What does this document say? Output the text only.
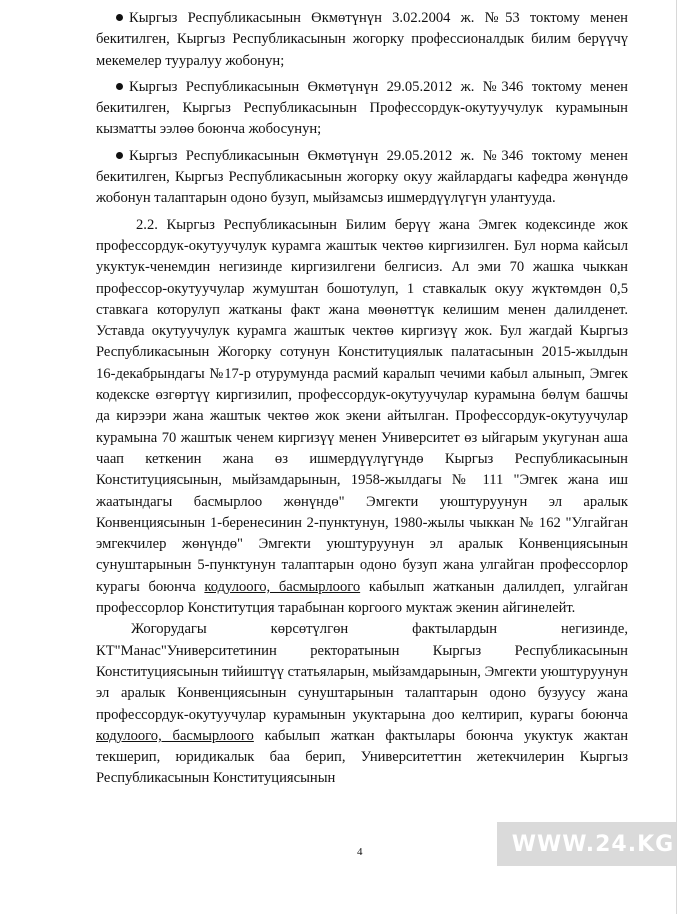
Кыргыз Республикасынын Өкмөтүнүн 3.02.2004 ж. №53 токтому менен бекитилген, Кыргыз Республикасынын жогорку профессионалдык билим берүүчү мекемелер тууралуу жобонун;

Кыргыз Республикасынын Өкмөтүнүн 29.05.2012 ж. №346 токтому менен бекитилген, Кыргыз Республикасынын Профессордук-окутуучулук курамынын кызматты ээлөө боюнча жобосунун;

Кыргыз Республикасынын Өкмөтүнүн 29.05.2012 ж. №346 токтому менен бекитилген, Кыргыз Республикасынын жогорку окуу жайлардагы кафедра жөнүндө жобонун талаптарын одоно бузуп, мыйзамсыз ишмердүүлүгүн улантууда.

2.2. Кыргыз Республикасынын Билим берүү жана Эмгек кодексинде жок профессордук-окутуучулук курамга жаштык чектөө киргизилген. Бул норма кайсыл укуктук-ченемдин негизинде киргизилгени белгисиз. Ал эми 70 жашка чыккан профессор-окутуучулар жумуштан бошотулуп, 1 ставкалык окуу жүктөмдөн 0,5 ставкага которулуп жатканы факт жана мөөнөттүк келишим менен далилденет. Уставда окутуучулук курамга жаштык чектөө киргизүү жок. Бул жагдай Кыргыз Республикасынын Жогорку сотунун Конституциялык палатасынын 2015-жылдын 16-декабрындагы №17-р отурумунда расмий каралып чечими кабыл алынып, Эмгек кодекске өзгөртүү киргизилип, профессордук-окутуучулар курамына бөлүм башчы да кирээри жана жаштык чектөө жок экени айтылган. Профессордук-окутуучулар курамына 70 жаштык ченем киргизүү менен Университет өз ыйгарым укугунан аша чаап кеткенин жана өз ишмердүүлүгүндө Кыргыз Республикасынын Конституциясынын, мыйзамдарынын, 1958-жылдагы № 111 "Эмгек жана иш жаатындагы басмырлоо жөнүндө" Эмгекти уюштуруунун эл аралык Конвенциясынын 1-беренесинин 2-пунктунун, 1980-жылы чыккан № 162 "Улгайган эмгекчилер жөнүндө" Эмгекти уюштуруунун эл аралык Конвенциясынын сунуштарынын 5-пунктунун талаптарын одоно бузуп жана улгайган профессорлор курагы боюнча кодулоого, басмырлоого кабылып жатканын далилдеп, улгайган профессорлор Конститутция тарабынан коргоого муктаж экенин айгинелейт.

Жогорудагы көрсөтүлгөн фактылардын негизинде, КТ"Манас"Университетинин ректоратынын Кыргыз Республикасынын Конституциясынын тийиштүү статьяларын, мыйзамдарынын, Эмгекти уюштуруунун эл аралык Конвенциясынын сунуштарынын талаптарын одоно бузуусу жана профессордук-окутуучулар курамынын укуктарына доо келтирип, курагы боюнча кодулоого, басмырлоого кабылып жаткан фактылары боюнча укуктук жактан текшерип, юридикалык баа берип, Университеттин жетекчилерин Кыргыз Республикасынын Конституциясынын

4	WWW.24.KG
